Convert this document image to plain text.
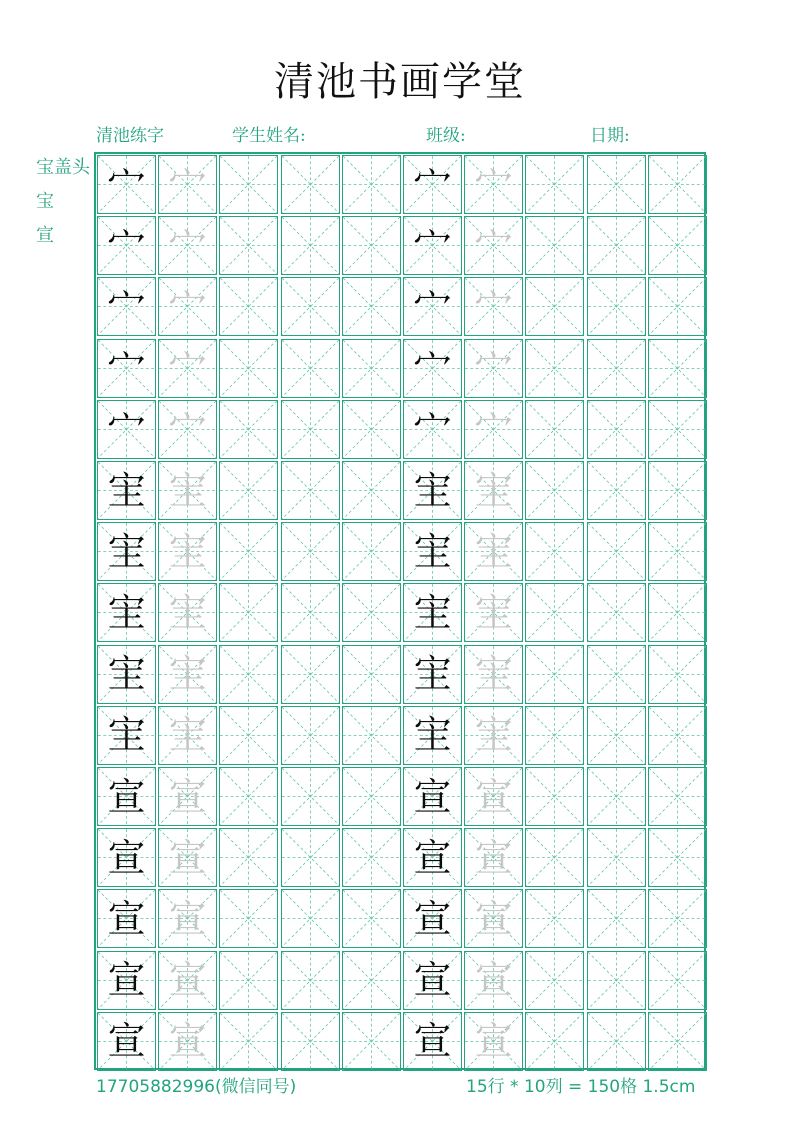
清池书画学堂
清池练字	学生姓名:	班级:	日期:
宝盖头
宝
宣
宀 宀	宀 宀
宀 宀	宀 宀
宀 宀	宀 宀
宀 宀	宀 宀
宀 宀	宀 宀
宔 宔	宔 宔
宔 宔	宔 宔
宔 宔	宔 宔
宔 宔	宔 宔
宔 宔	宔 宔
宣 宣	宣 宣
宣 宣	宣 宣
宣 宣	宣 宣
宣 宣	宣 宣
宣 宣	宣 宣
17705882996(微信同号)	15行 * 10列 = 150格 1.5cm
